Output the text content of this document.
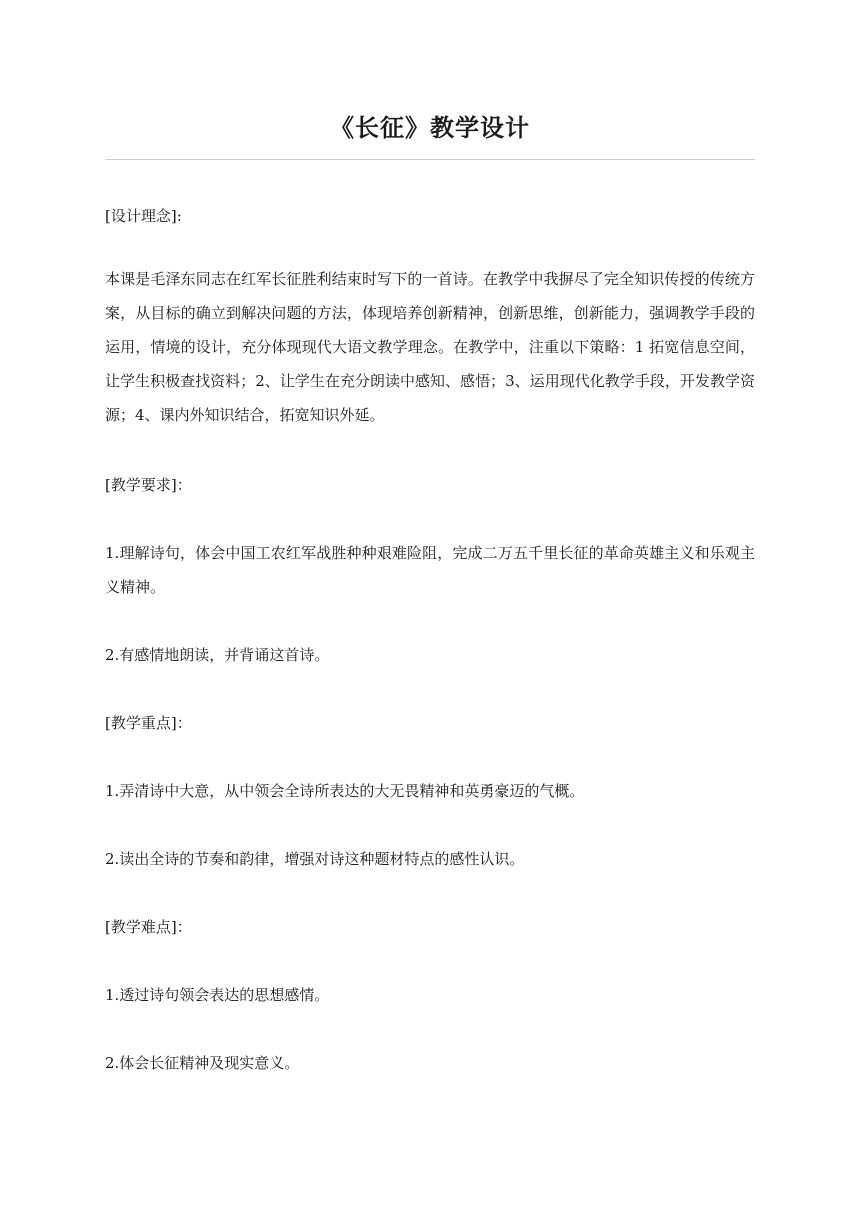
《长征》教学设计

[设计理念]:

本课是毛泽东同志在红军长征胜利结束时写下的一首诗。在教学中我摒尽了完全知识传授的传统方案，从目标的确立到解决问题的方法，体现培养创新精神，创新思维，创新能力，强调教学手段的运用，情境的设计，充分体现现代大语文教学理念。在教学中，注重以下策略：1 拓宽信息空间，让学生积极查找资料；2、让学生在充分朗读中感知、感悟；3、运用现代化教学手段，开发教学资源；4、课内外知识结合，拓宽知识外延。

[教学要求]：

1.理解诗句，体会中国工农红军战胜种种艰难险阻，完成二万五千里长征的革命英雄主义和乐观主义精神。

2.有感情地朗读，并背诵这首诗。

[教学重点]：

1.弄清诗中大意，从中领会全诗所表达的大无畏精神和英勇豪迈的气概。

2.读出全诗的节奏和韵律，增强对诗这种题材特点的感性认识。

[教学难点]：

1.透过诗句领会表达的思想感情。

2.体会长征精神及现实意义。
